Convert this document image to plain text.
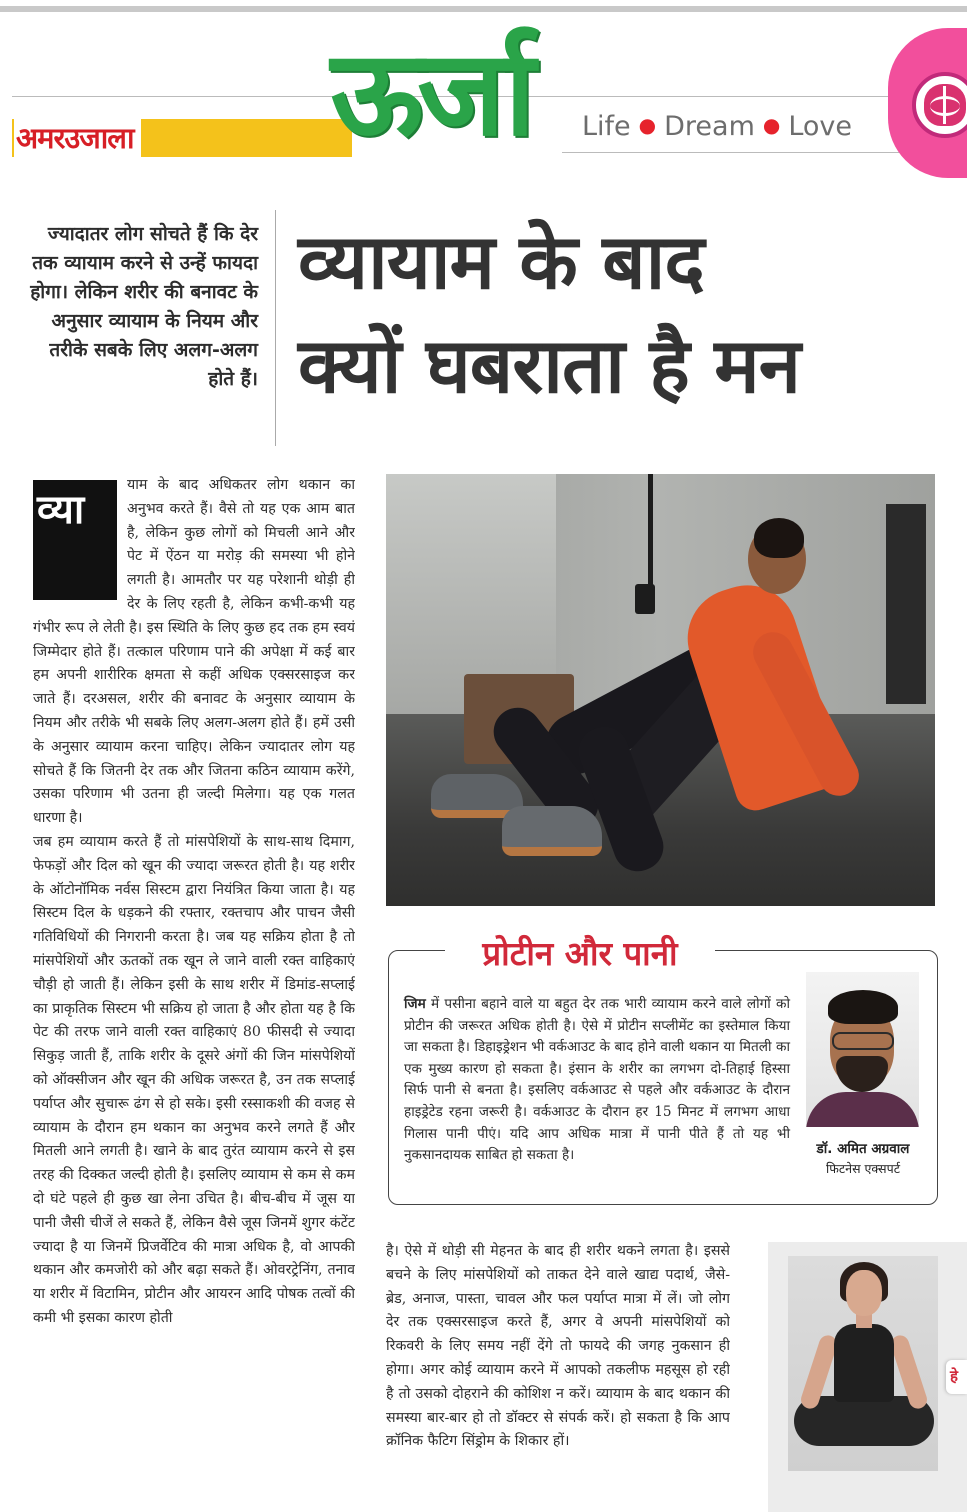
अमरउजाला	ऊर्जा	Life ● Dream ● Love
ज्यादातर लोग सोचते हैं कि देर तक व्यायाम करने से उन्हें फायदा होगा। लेकिन शरीर की बनावट के अनुसार व्यायाम के नियम और तरीके सबके लिए अलग-अलग होते हैं।
व्यायाम के बाद
क्यों घबराता है मन
व्या

याम के बाद अधिकतर लोग थकान का अनुभव करते हैं। वैसे तो यह एक आम बात है, लेकिन कुछ लोगों को मिचली आने और पेट में ऐंठन या मरोड़ की समस्या भी होने लगती है। आमतौर पर यह परेशानी थोड़ी ही देर के लिए रहती है, लेकिन कभी-कभी यह गंभीर रूप ले लेती है। इस स्थिति के लिए कुछ हद तक हम स्वयं जिम्मेदार होते हैं। तत्काल परिणाम पाने की अपेक्षा में कई बार हम अपनी शारीरिक क्षमता से कहीं अधिक एक्सरसाइज कर जाते हैं। दरअसल, शरीर की बनावट के अनुसार व्यायाम के नियम और तरीके भी सबके लिए अलग-अलग होते हैं। हमें उसी के अनुसार व्यायाम करना चाहिए। लेकिन ज्यादातर लोग यह सोचते हैं कि जितनी देर तक और जितना कठिन व्यायाम करेंगे, उसका परिणाम भी उतना ही जल्दी मिलेगा। यह एक गलत धारणा है।

जब हम व्यायाम करते हैं तो मांसपेशियों के साथ-साथ दिमाग, फेफड़ों और दिल को खून की ज्यादा जरूरत होती है। यह शरीर के ऑटोनॉमिक नर्वस सिस्टम द्वारा नियंत्रित किया जाता है। यह सिस्टम दिल के धड़कने की रफ्तार, रक्तचाप और पाचन जैसी गतिविधियों की निगरानी करता है। जब यह सक्रिय होता है तो मांसपेशियों और ऊतकों तक खून ले जाने वाली रक्त वाहिकाएं चौड़ी हो जाती हैं। लेकिन इसी के साथ शरीर में डिमांड-सप्लाई का प्राकृतिक सिस्टम भी सक्रिय हो जाता है और होता यह है कि पेट की तरफ जाने वाली रक्त वाहिकाएं 80 फीसदी से ज्यादा सिकुड़ जाती हैं, ताकि शरीर के दूसरे अंगों की जिन मांसपेशियों को ऑक्सीजन और खून की अधिक जरूरत है, उन तक सप्लाई पर्याप्त और सुचारू ढंग से हो सके। इसी रस्साकशी की वजह से व्यायाम के दौरान हम थकान का अनुभव करने लगते हैं और मितली आने लगती है। खाने के बाद तुरंत व्यायाम करने से इस तरह की दिक्कत जल्दी होती है। इसलिए व्यायाम से कम से कम दो घंटे पहले ही कुछ खा लेना उचित है। बीच-बीच में जूस या पानी जैसी चीजें ले सकते हैं, लेकिन वैसे जूस जिनमें शुगर कंटेंट ज्यादा है या जिनमें प्रिजर्वेटिव की मात्रा अधिक है, वो आपकी थकान और कमजोरी को और बढ़ा सकते हैं। ओवरट्रेनिंग, तनाव या शरीर में विटामिन, प्रोटीन और आयरन आदि पोषक तत्वों की कमी भी इसका कारण होती

प्रोटीन और पानी
जिम में पसीना बहाने वाले या बहुत देर तक भारी व्यायाम करने वाले लोगों को प्रोटीन की जरूरत अधिक होती है। ऐसे में प्रोटीन सप्लीमेंट का इस्तेमाल किया जा सकता है। डिहाइड्रेशन भी वर्कआउट के बाद होने वाली थकान या मितली का एक मुख्य कारण हो सकता है। इंसान के शरीर का लगभग दो-तिहाई हिस्सा सिर्फ पानी से बनता है। इसलिए वर्कआउट से पहले और वर्कआउट के दौरान हाइड्रेटेड रहना जरूरी है। वर्कआउट के दौरान हर 15 मिनट में लगभग आधा गिलास पानी पीएं। यदि आप अधिक मात्रा में पानी पीते हैं तो यह भी नुकसानदायक साबित हो सकता है।	डॉ. अमित अग्रवाल
फिटनेस एक्सपर्ट

है। ऐसे में थोड़ी सी मेहनत के बाद ही शरीर थकने लगता है। इससे बचने के लिए मांसपेशियों को ताकत देने वाले खाद्य पदार्थ, जैसे- ब्रेड, अनाज, पास्ता, चावल और फल पर्याप्त मात्रा में लें। जो लोग देर तक एक्सरसाइज करते हैं, अगर वे अपनी मांसपेशियों को रिकवरी के लिए समय नहीं देंगे तो फायदे की जगह नुकसान ही होगा। अगर कोई व्यायाम करने में आपको तकलीफ महसूस हो रही है तो उसको दोहराने की कोशिश न करें। व्यायाम के बाद थकान की समस्या बार-बार हो तो डॉक्टर से संपर्क करें। हो सकता है कि आप क्रॉनिक फैटिग सिंड्रोम के शिकार हों।

हे
